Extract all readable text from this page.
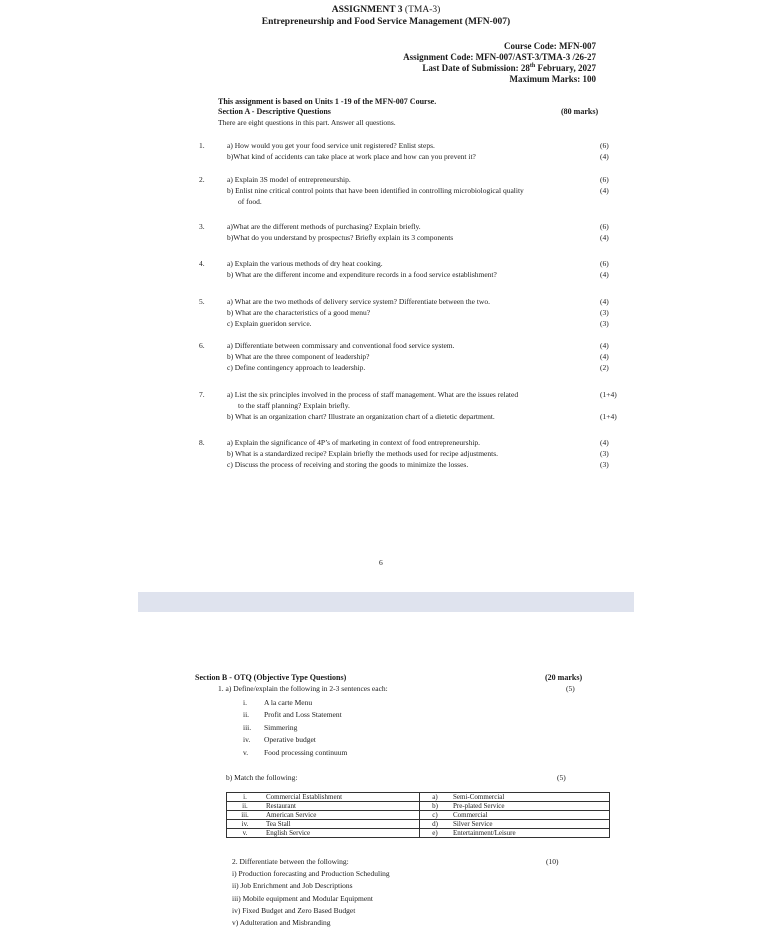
ASSIGNMENT 3 (TMA-3)
Entrepreneurship and Food Service Management (MFN-007)
Course Code: MFN-007
Assignment Code: MFN-007/AST-3/TMA-3 /26-27
Last Date of Submission: 28th February, 2027
Maximum Marks: 100
This assignment is based on Units 1 -19 of the MFN-007 Course.
Section A - Descriptive Questions	(80 marks)
There are eight questions in this part. Answer all questions.
1.	a) How would you get your food service unit registered? Enlist steps.	(6)
b)What kind of accidents can take place at work place and how can you prevent it?	(4)
2.	a) Explain 3S model of entrepreneurship.	(6)
b) Enlist nine critical control points that have been identified in controlling microbiological quality	(4)
of food.
3.	a)What are the different methods of purchasing? Explain briefly.	(6)
b)What do you understand by prospectus? Briefly explain its 3 components	(4)
4.	a) Explain the various methods of dry heat cooking.	(6)
b) What are the different income and expenditure records in a food service establishment?	(4)
5.	a) What are the two methods of delivery service system? Differentiate between the two.	(4)
b) What are the characteristics of a good menu?	(3)
c) Explain gueridon service.	(3)
6.	a) Differentiate between commissary and conventional food service system.	(4)
b) What are the three component of leadership?	(4)
c) Define contingency approach to leadership.	(2)
7.	a) List the six principles involved in the process of staff management. What are the issues related	(1+4)
to the staff planning? Explain briefly.
b) What is an organization chart? Illustrate an organization chart of a dietetic department.	(1+4)
8.	a) Explain the significance of 4P’s of marketing in context of food entrepreneurship.	(4)
b) What is a standardized recipe? Explain briefly the methods used for recipe adjustments.	(3)
c) Discuss the process of receiving and storing the goods to minimize the losses.	(3)
6
Section B - OTQ (Objective Type Questions)	(20 marks)
1. a) Define/explain the following in 2-3 sentences each:	(5)
i. A la carte Menu
ii. Profit and Loss Statement
iii. Simmering
iv. Operative budget
v. Food processing continuum
b) Match the following:	(5)
i.	Commercial Establishment	a)	Semi-Commercial
ii.	Restaurant	b)	Pre-plated Service
iii.	American Service	c)	Commercial
iv.	Tea Stall	d)	Silver Service
v.	English Service	e)	Entertainment/Leisure
2. Differentiate between the following:	(10)
i) Production forecasting and Production Scheduling
ii) Job Enrichment and Job Descriptions
iii) Mobile equipment and Modular Equipment
iv) Fixed Budget and Zero Based Budget
v) Adulteration and Misbranding
